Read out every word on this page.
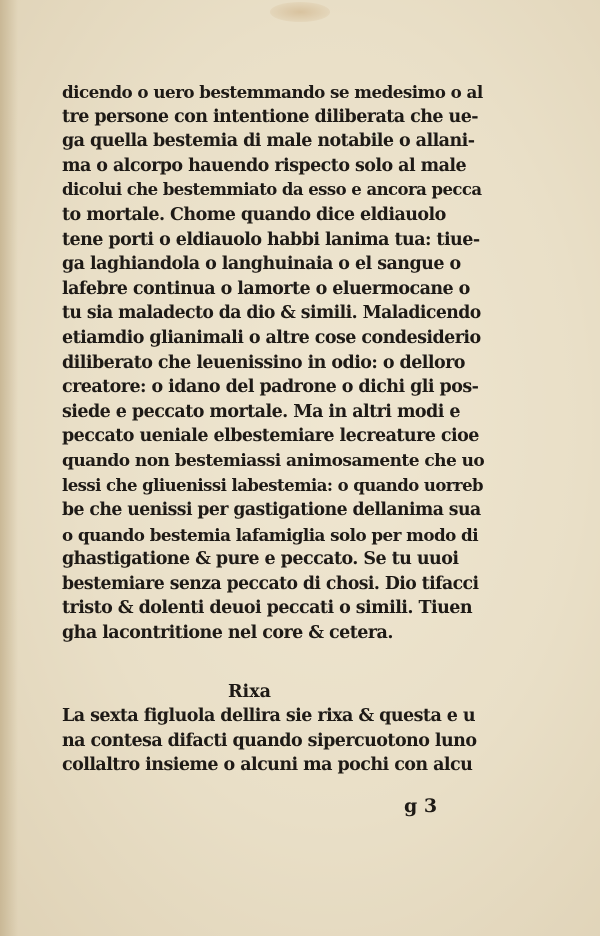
dicendo o uero bestemmando se medesimo o al
tre persone con intentione diliberata che ue-
ga quella bestemia di male notabile o allani-
ma o alcorpo hauendo rispecto solo al male
dicolui che bestemmiato da esso e ancora pecca
to mortale. Chome quando dice eldiauolo
tene porti o eldiauolo habbi lanima tua: tiue-
ga laghiandola o langhuinaia o el sangue o
lafebre continua o lamorte o eluermocane o
tu sia maladecto da dio & simili. Maladicendo
etiamdio glianimali o altre cose condesiderio
diliberato che leuenissino in odio: o delloro
creatore: o idano del padrone o dichi gli pos-
siede e peccato mortale. Ma in altri modi e
peccato ueniale elbestemiare lecreature cioe
quando non bestemiassi animosamente che uo
lessi che gliuenissi labestemia: o quando uorreb
be che uenissi per gastigatione dellanima sua
o quando bestemia lafamiglia solo per modo di
ghastigatione & pure e peccato. Se tu uuoi
bestemiare senza peccato di chosi. Dio tifacci
tristo & dolenti deuoi peccati o simili. Tiuen
gha lacontritione nel core & cetera.
Rixa
La sexta figluola dellira sie rixa & questa e u
na contesa difacti quando sipercuotono luno
collaltro insieme o alcuni ma pochi con alcu
g 3
